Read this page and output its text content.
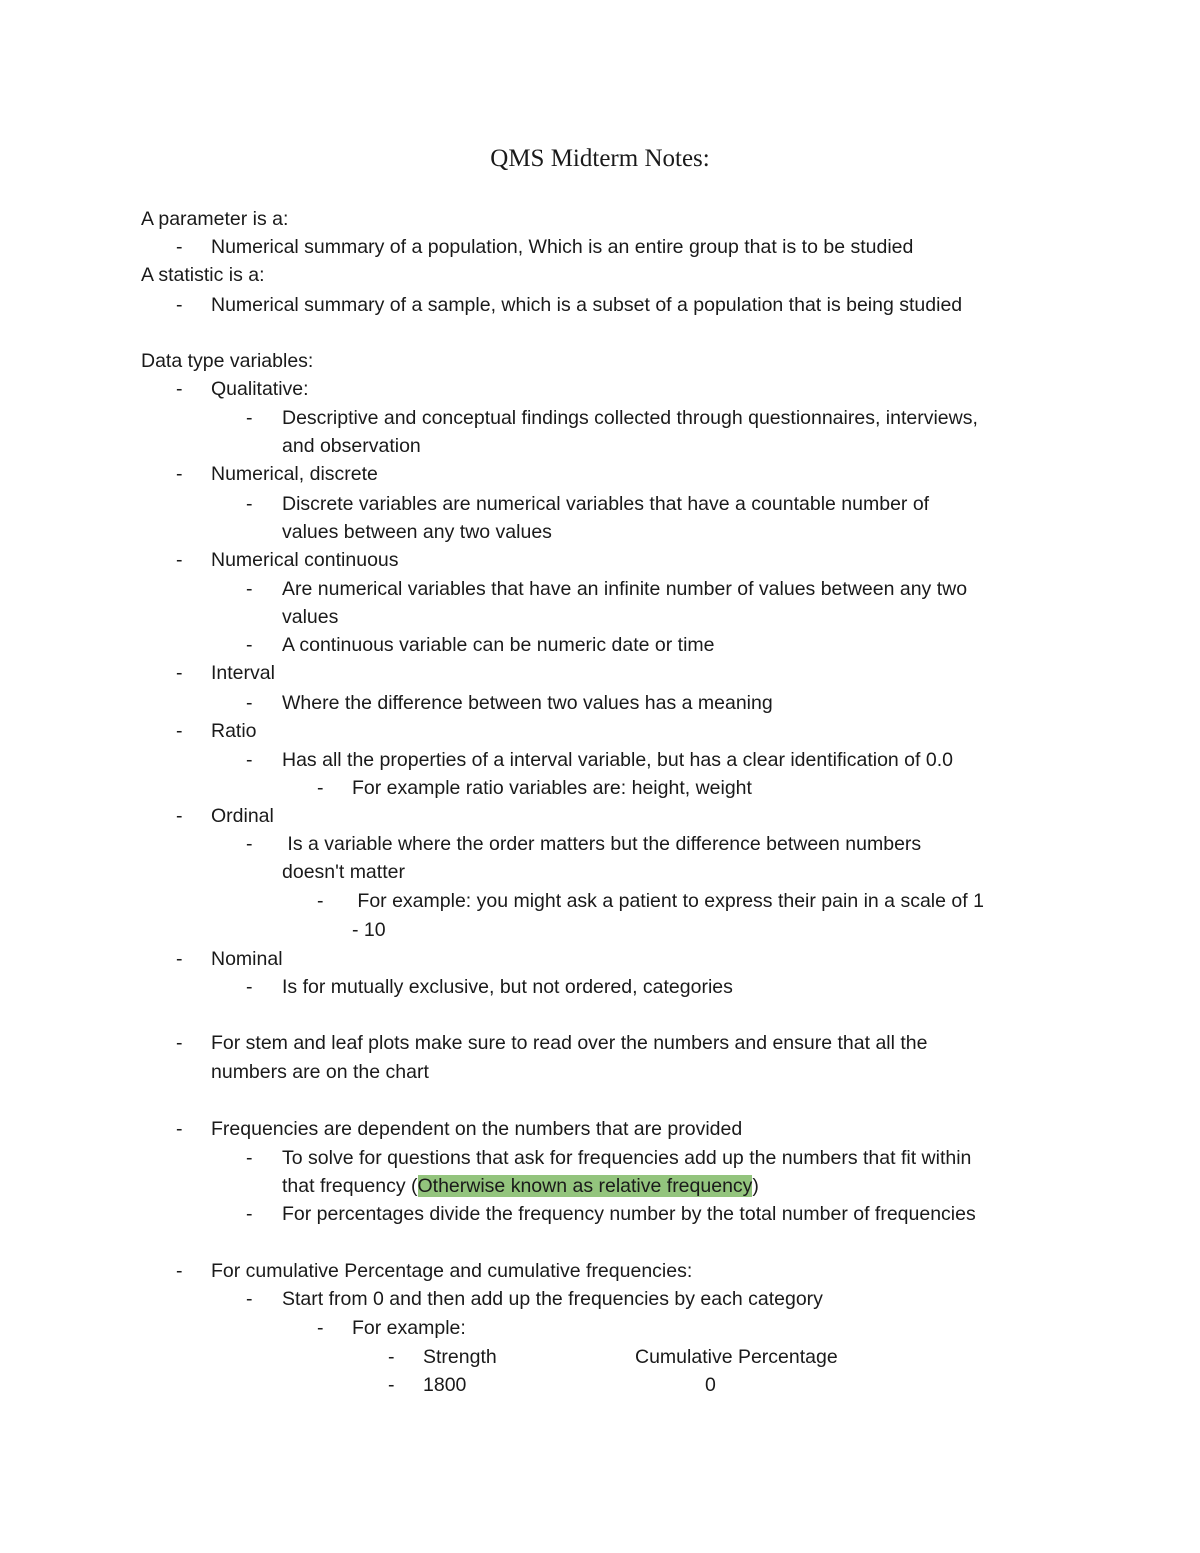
QMS Midterm Notes:
A parameter is a:
- Numerical summary of a population, Which is an entire group that is to be studied
A statistic is a:
- Numerical summary of a sample, which is a subset of a population that is being studied
Data type variables:
- Qualitative:
- Descriptive and conceptual findings collected through questionnaires, interviews,
and observation
- Numerical, discrete
- Discrete variables are numerical variables that have a countable number of
values between any two values
- Numerical continuous
- Are numerical variables that have an infinite number of values between any two
values
- A continuous variable can be numeric date or time
- Interval
- Where the difference between two values has a meaning
- Ratio
- Has all the properties of a interval variable, but has a clear identification of 0.0
- For example ratio variables are: height, weight
- Ordinal
- Is a variable where the order matters but the difference between numbers
doesn't matter
- For example: you might ask a patient to express their pain in a scale of 1
- 10
- Nominal
- Is for mutually exclusive, but not ordered, categories
- For stem and leaf plots make sure to read over the numbers and ensure that all the
numbers are on the chart
- Frequencies are dependent on the numbers that are provided
- To solve for questions that ask for frequencies add up the numbers that fit within
that frequency (Otherwise known as relative frequency)
- For percentages divide the frequency number by the total number of frequencies
- For cumulative Percentage and cumulative frequencies:
- Start from 0 and then add up the frequencies by each category
- For example:
- Strength	Cumulative Percentage
- 1800	0
